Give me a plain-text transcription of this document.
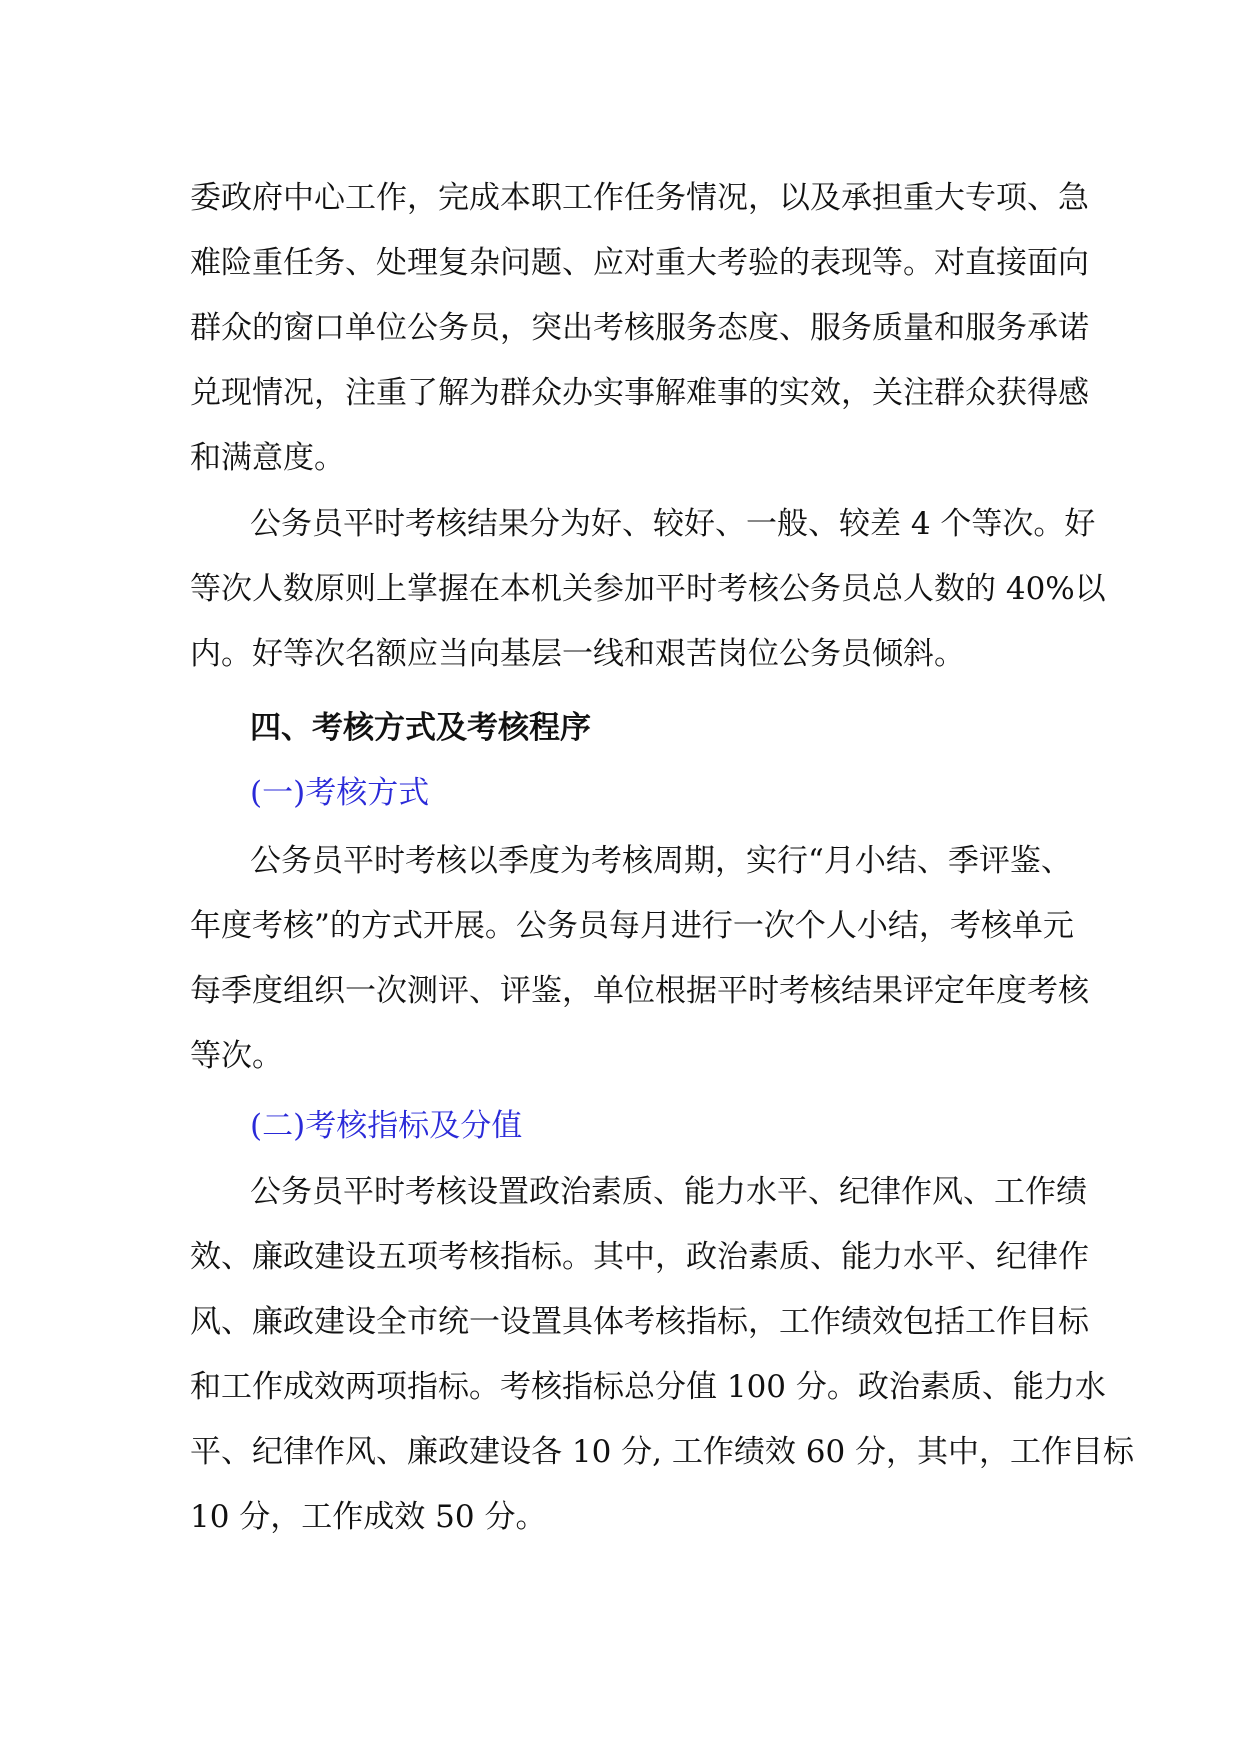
委政府中心工作，完成本职工作任务情况，以及承担重大专项、急
难险重任务、处理复杂问题、应对重大考验的表现等。对直接面向
群众的窗口单位公务员，突出考核服务态度、服务质量和服务承诺
兑现情况，注重了解为群众办实事解难事的实效，关注群众获得感
和满意度。
公务员平时考核结果分为好、较好、一般、较差 4 个等次。好
等次人数原则上掌握在本机关参加平时考核公务员总人数的 40%以
内。好等次名额应当向基层一线和艰苦岗位公务员倾斜。
四、考核方式及考核程序
(一)考核方式
公务员平时考核以季度为考核周期，实行“月小结、季评鉴、
年度考核”的方式开展。公务员每月进行一次个人小结，考核单元
每季度组织一次测评、评鉴，单位根据平时考核结果评定年度考核
等次。
(二)考核指标及分值
公务员平时考核设置政治素质、能力水平、纪律作风、工作绩
效、廉政建设五项考核指标。其中，政治素质、能力水平、纪律作
风、廉政建设全市统一设置具体考核指标，工作绩效包括工作目标
和工作成效两项指标。考核指标总分值 100 分。政治素质、能力水
平、纪律作风、廉政建设各 10 分, 工作绩效 60 分，其中，工作目标
10 分，工作成效 50 分。
